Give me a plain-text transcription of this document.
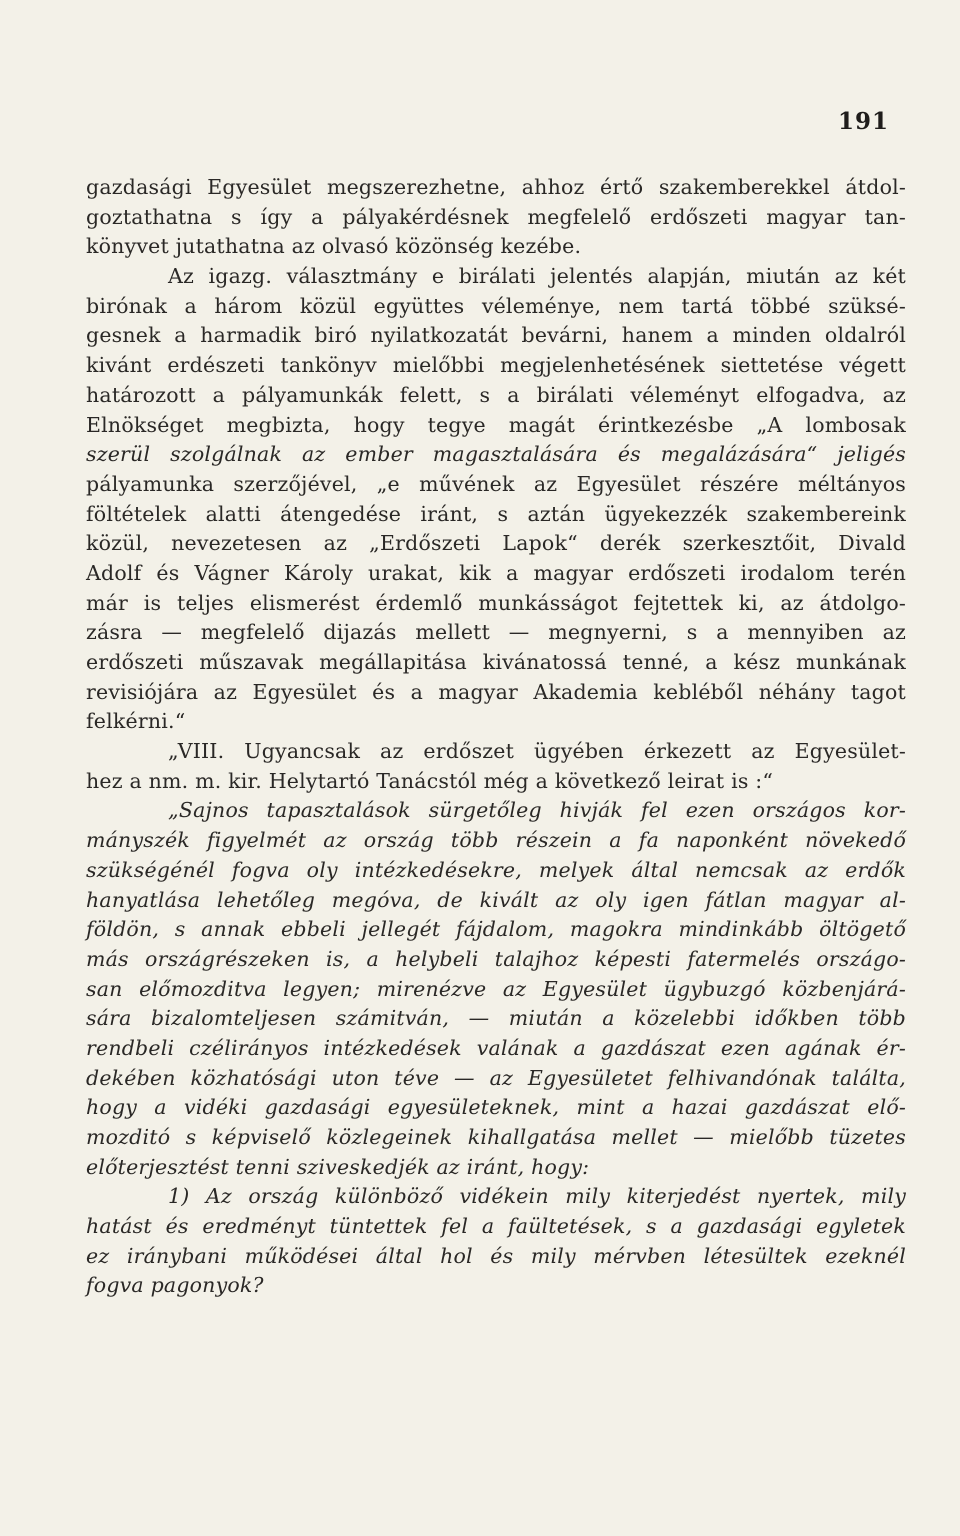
191
gazdasági Egyesület megszerezhetne, ahhoz értő szakemberekkel átdol-
goztathatna s így a pályakérdésnek megfelelő erdőszeti magyar tan-
könyvet jutathatna az olvasó közönség kezébe.
Az igazg. választmány e birálati jelentés alapján, miután az két
birónak a három közül együttes véleménye, nem tartá többé szüksé-
gesnek a harmadik biró nyilatkozatát bevárni, hanem a minden oldalról
kivánt erdészeti tankönyv mielőbbi megjelenhetésének siettetése végett
határozott a pályamunkák felett, s a birálati véleményt elfogadva, az
Elnökséget megbizta, hogy tegye magát érintkezésbe „A lombosak
szerül szolgálnak az ember magasztalására és megalázására“ jeligés
pályamunka szerzőjével, „e művének az Egyesület részére méltányos
föltételek alatti átengedése iránt, s aztán ügyekezzék szakembereink
közül, nevezetesen az „Erdőszeti Lapok“ derék szerkesztőit, Divald
Adolf és Vágner Károly urakat, kik a magyar erdőszeti irodalom terén
már is teljes elismerést érdemlő munkásságot fejtettek ki, az átdolgo-
zásra — megfelelő dijazás mellett — megnyerni, s a mennyiben az
erdőszeti műszavak megállapitása kivánatossá tenné, a kész munkának
revisiójára az Egyesület és a magyar Akademia kebléből néhány tagot
felkérni.“
„VIII. Ugyancsak az erdőszet ügyében érkezett az Egyesület-
hez a nm. m. kir. Helytartó Tanácstól még a következő leirat is :“
„Sajnos tapasztalások sürgetőleg hivják fel ezen országos kor-
mányszék figyelmét az ország több részein a fa naponként növekedő
szükségénél fogva oly intézkedésekre, melyek által nemcsak az erdők
hanyatlása lehetőleg megóva, de kivált az oly igen fátlan magyar al-
földön, s annak ebbeli jellegét fájdalom, magokra mindinkább öltögető
más országrészeken is, a helybeli talajhoz képesti fatermelés országo-
san előmozditva legyen; mirenézve az Egyesület ügybuzgó közbenjárá-
sára bizalomteljesen számitván, — miután a közelebbi időkben több
rendbeli czélirányos intézkedések valának a gazdászat ezen agának ér-
dekében közhatósági uton téve — az Egyesületet felhivandónak találta,
hogy a vidéki gazdasági egyesületeknek, mint a hazai gazdászat elő-
mozditó s képviselő közlegeinek kihallgatása mellet — mielőbb tüzetes
előterjesztést tenni sziveskedjék az iránt, hogy:
1) Az ország különböző vidékein mily kiterjedést nyertek, mily
hatást és eredményt tüntettek fel a faültetések, s a gazdasági egyletek
ez iránybani működései által hol és mily mérvben létesültek ezeknél
fogva pagonyok?
